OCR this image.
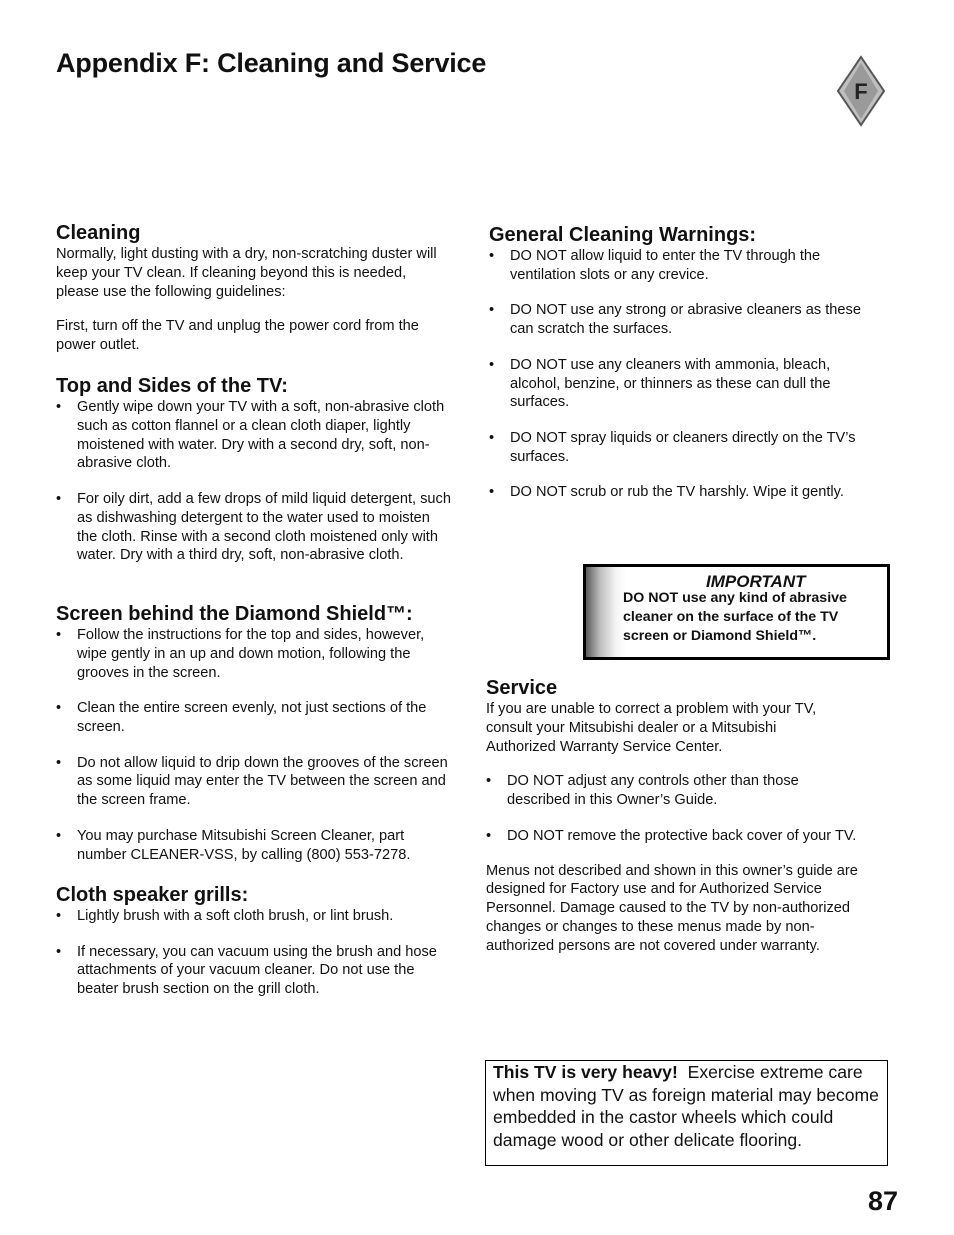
Appendix F: Cleaning and Service
F
Cleaning

Normally, light dusting with a dry, non-scratching duster will keep your TV clean. If cleaning beyond this is needed, please use the following guidelines:

First, turn off the TV and unplug the power cord from the power outlet.

Top and Sides of the TV:
• Gently wipe down your TV with a soft, non-abrasive cloth such as cotton flannel or a clean cloth diaper, lightly moistened with water. Dry with a second dry, soft, non-abrasive cloth.
• For oily dirt, add a few drops of mild liquid detergent, such as dishwashing detergent to the water used to moisten the cloth. Rinse with a second cloth moistened only with water. Dry with a third dry, soft, non-abrasive cloth.
Screen behind the Diamond Shield™:
• Follow the instructions for the top and sides, however, wipe gently in an up and down motion, following the grooves in the screen.
• Clean the entire screen evenly, not just sections of the screen.
• Do not allow liquid to drip down the grooves of the screen as some liquid may enter the TV between the screen and the screen frame.
• You may purchase Mitsubishi Screen Cleaner, part number CLEANER-VSS, by calling (800) 553-7278.
Cloth speaker grills:
• Lightly brush with a soft cloth brush, or lint brush.
• If necessary, you can vacuum using the brush and hose attachments of your vacuum cleaner. Do not use the beater brush section on the grill cloth.
General Cleaning Warnings:
• DO NOT allow liquid to enter the TV through the ventilation slots or any crevice.
• DO NOT use any strong or abrasive cleaners as these can scratch the surfaces.
• DO NOT use any cleaners with ammonia, bleach, alcohol, benzine, or thinners as these can dull the surfaces.
• DO NOT spray liquids or cleaners directly on the TV’s surfaces.
• DO NOT scrub or rub the TV harshly. Wipe it gently.
IMPORTANT
DO NOT use any kind of abrasive cleaner on the surface of the TV screen or Diamond Shield™.
Service

If you are unable to correct a problem with your TV, consult your Mitsubishi dealer or a Mitsubishi Authorized Warranty Service Center.

• DO NOT adjust any controls other than those described in this Owner’s Guide.
• DO NOT remove the protective back cover of your TV.

Menus not described and shown in this owner’s guide are designed for Factory use and for Authorized Service Personnel. Damage caused to the TV by non-authorized changes or changes to these menus made by non-authorized persons are not covered under warranty.

This TV is very heavy! Exercise extreme care when moving TV as foreign material may become embedded in the castor wheels which could damage wood or other delicate flooring.
87
